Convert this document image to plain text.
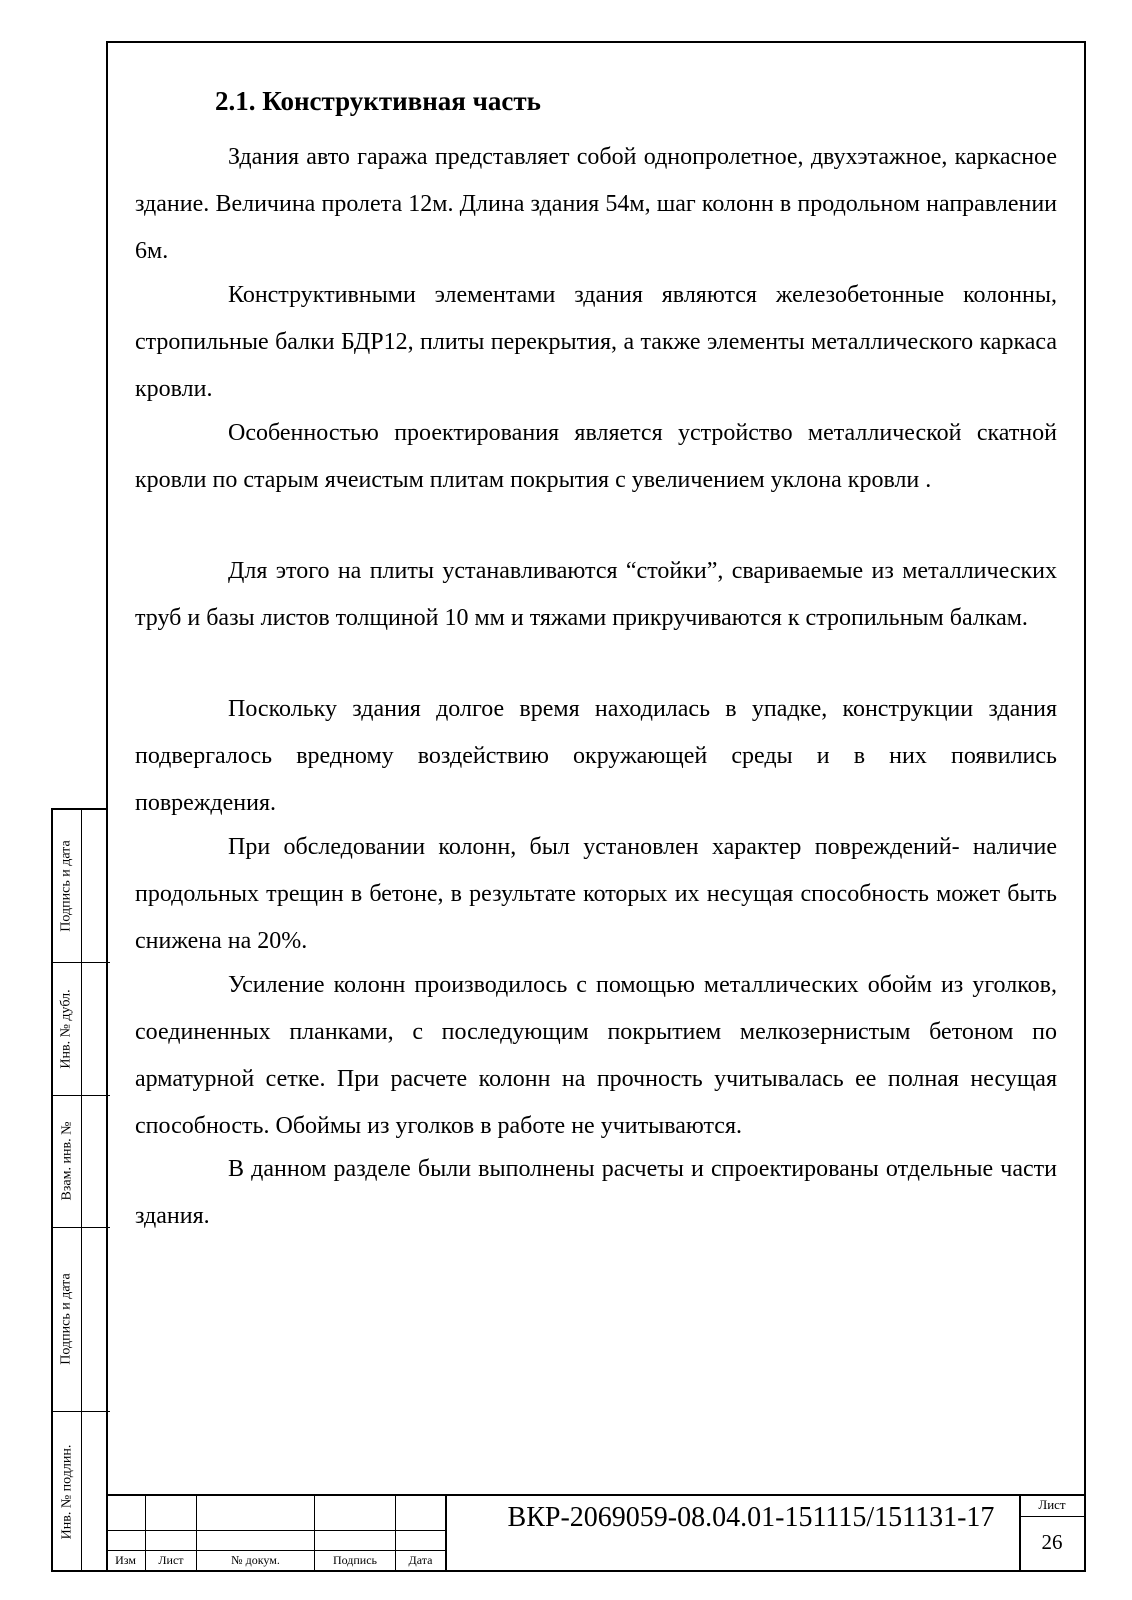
Подпись и дата
Инв. № дубл.
Взам. инв. №
Подпись и дата
Инв. № подлин.
2.1. Конструктивная часть

Здания авто гаража представляет собой однопролетное, двухэтажное, каркасное здание. Величина пролета 12м. Длина здания 54м, шаг колонн в продольном направлении 6м.

Конструктивными элементами здания являются железобетонные колонны, стропильные балки БДР12, плиты перекрытия, а также элементы металлического каркаса кровли.

Особенностью проектирования является устройство металлической скатной кровли по старым ячеистым плитам покрытия с увеличением уклона кровли .

Для этого на плиты устанавливаются “стойки”, свариваемые из металлических труб и базы листов толщиной 10 мм и тяжами прикручиваются к стропильным балкам.

Поскольку здания долгое время находилась в упадке, конструкции здания подвергалось вредному воздействию окружающей среды и в них появились повреждения.

При обследовании колонн, был установлен характер повреждений- наличие продольных трещин в бетоне, в результате которых их несущая способность может быть снижена на 20%.

Усиление колонн производилось с помощью металлических обойм из уголков, соединенных планками, с последующим покрытием мелкозернистым бетоном по арматурной сетке. При расчете колонн на прочность учитывалась ее полная несущая способность. Обоймы из уголков в работе не учитываются.

В данном разделе были выполнены расчеты и спроектированы отдельные части здания.

Изм	Лист	№ докум.	Подпись	Дата
ВКР-2069059-08.04.01-151115/151131-17	Лист
26
